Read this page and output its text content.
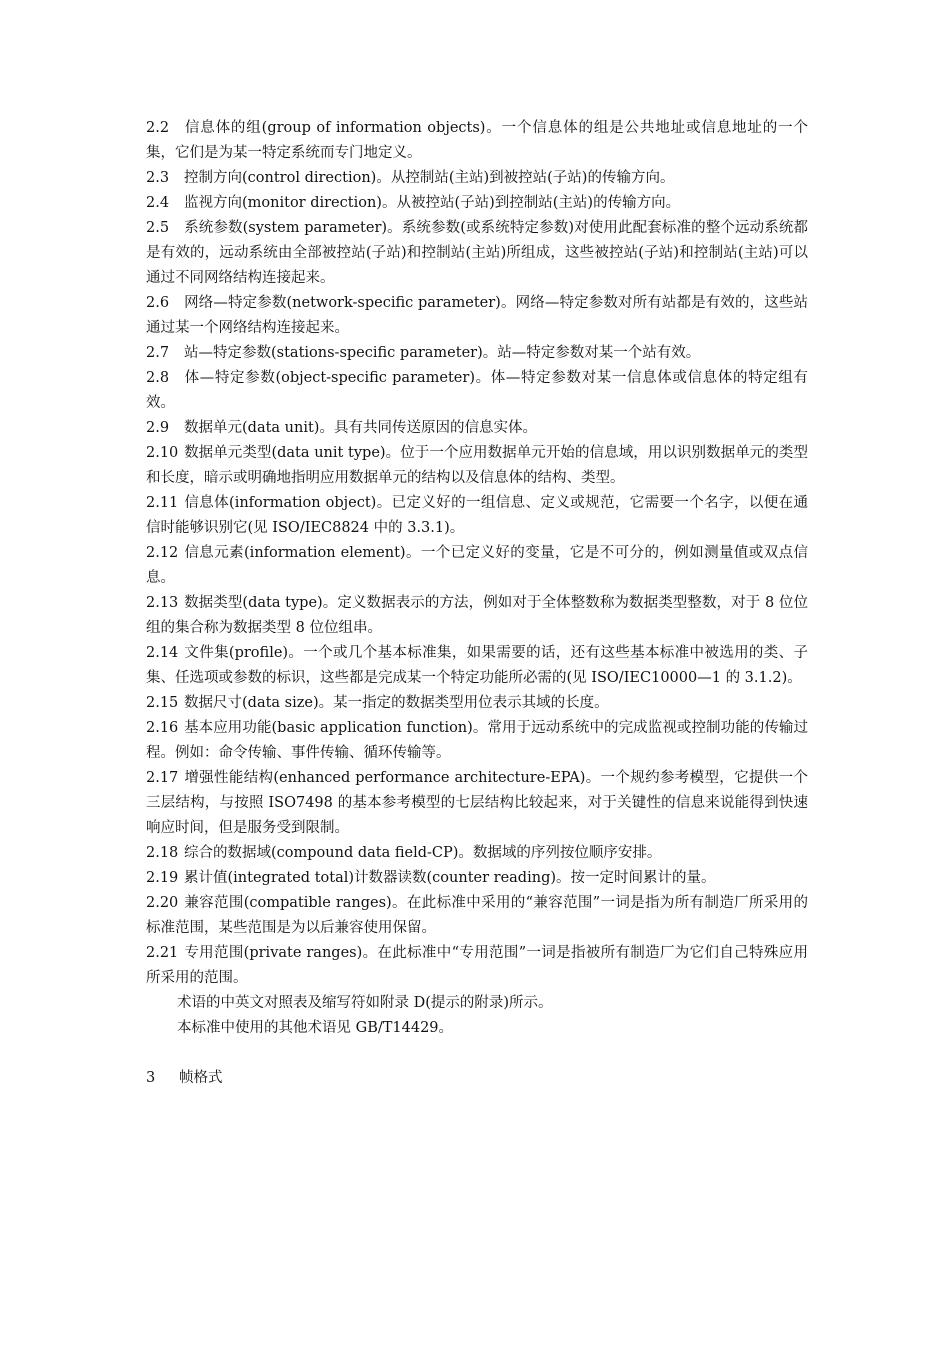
2.2 信息体的组(group of information objects)。一个信息体的组是公共地址或信息地址的一个集，它们是为某一特定系统而专门地定义。

2.3 控制方向(control direction)。从控制站(主站)到被控站(子站)的传输方向。

2.4 监视方向(monitor direction)。从被控站(子站)到控制站(主站)的传输方向。

2.5 系统参数(system parameter)。系统参数(或系统特定参数)对使用此配套标准的整个远动系统都是有效的，远动系统由全部被控站(子站)和控制站(主站)所组成，这些被控站(子站)和控制站(主站)可以通过不同网络结构连接起来。

2.6 网络—特定参数(network-specific parameter)。网络—特定参数对所有站都是有效的，这些站通过某一个网络结构连接起来。

2.7 站—特定参数(stations-specific parameter)。站—特定参数对某一个站有效。

2.8 体—特定参数(object-specific parameter)。体—特定参数对某一信息体或信息体的特定组有效。

2.9 数据单元(data unit)。具有共同传送原因的信息实体。

2.10 数据单元类型(data unit type)。位于一个应用数据单元开始的信息域，用以识别数据单元的类型和长度，暗示或明确地指明应用数据单元的结构以及信息体的结构、类型。

2.11 信息体(information object)。已定义好的一组信息、定义或规范，它需要一个名字，以便在通信时能够识别它(见 ISO/IEC8824 中的 3.3.1)。

2.12 信息元素(information element)。一个已定义好的变量，它是不可分的，例如测量值或双点信息。

2.13 数据类型(data type)。定义数据表示的方法，例如对于全体整数称为数据类型整数，对于 8 位位组的集合称为数据类型 8 位位组串。

2.14 文件集(profile)。一个或几个基本标准集，如果需要的话，还有这些基本标准中被选用的类、子集、任选项或参数的标识，这些都是完成某一个特定功能所必需的(见 ISO/IEC10000—1 的 3.1.2)。

2.15 数据尺寸(data size)。某一指定的数据类型用位表示其域的长度。

2.16 基本应用功能(basic application function)。常用于远动系统中的完成监视或控制功能的传输过程。例如：命令传输、事件传输、循环传输等。

2.17 增强性能结构(enhanced performance architecture-EPA)。一个规约参考模型，它提供一个三层结构，与按照 ISO7498 的基本参考模型的七层结构比较起来，对于关键性的信息来说能得到快速响应时间，但是服务受到限制。

2.18 综合的数据域(compound data field-CP)。数据域的序列按位顺序安排。

2.19 累计值(integrated total)计数器读数(counter reading)。按一定时间累计的量。

2.20 兼容范围(compatible ranges)。在此标准中采用的“兼容范围”一词是指为所有制造厂所采用的标准范围，某些范围是为以后兼容使用保留。

2.21 专用范围(private ranges)。在此标准中“专用范围”一词是指被所有制造厂为它们自己特殊应用所采用的范围。

术语的中英文对照表及缩写符如附录 D(提示的附录)所示。

本标准中使用的其他术语见 GB/T14429。

3 帧格式
